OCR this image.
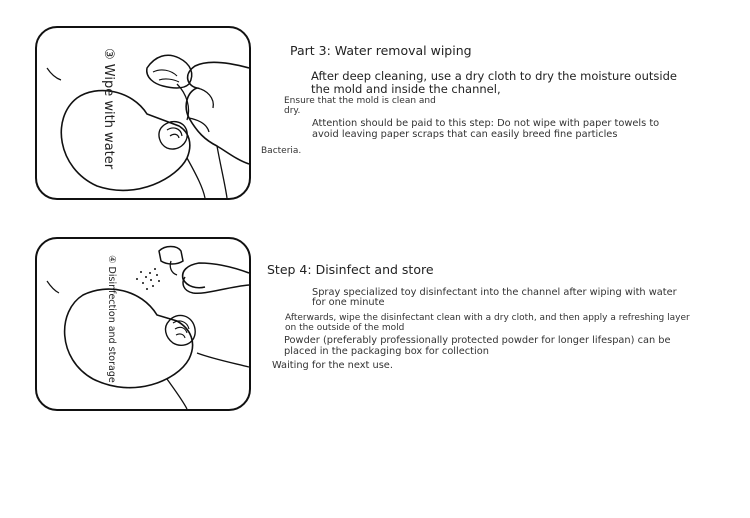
③ Wipe with water	Part 3: Water removal wiping
After deep cleaning, use a dry cloth to dry the moisture outside
the mold and inside the channel,
Ensure that the mold is clean and
dry.
Attention should be paid to this step: Do not wipe with paper towels to
avoid leaving paper scraps that can easily breed fine particles
Bacteria.
④ Disinfection and storage	Step 4: Disinfect and store
Spray specialized toy disinfectant into the channel after wiping with water
for one minute
Afterwards, wipe the disinfectant clean with a dry cloth, and then apply a refreshing layer
on the outside of the mold
Powder (preferably professionally protected powder for longer lifespan) can be
placed in the packaging box for collection
Waiting for the next use.
